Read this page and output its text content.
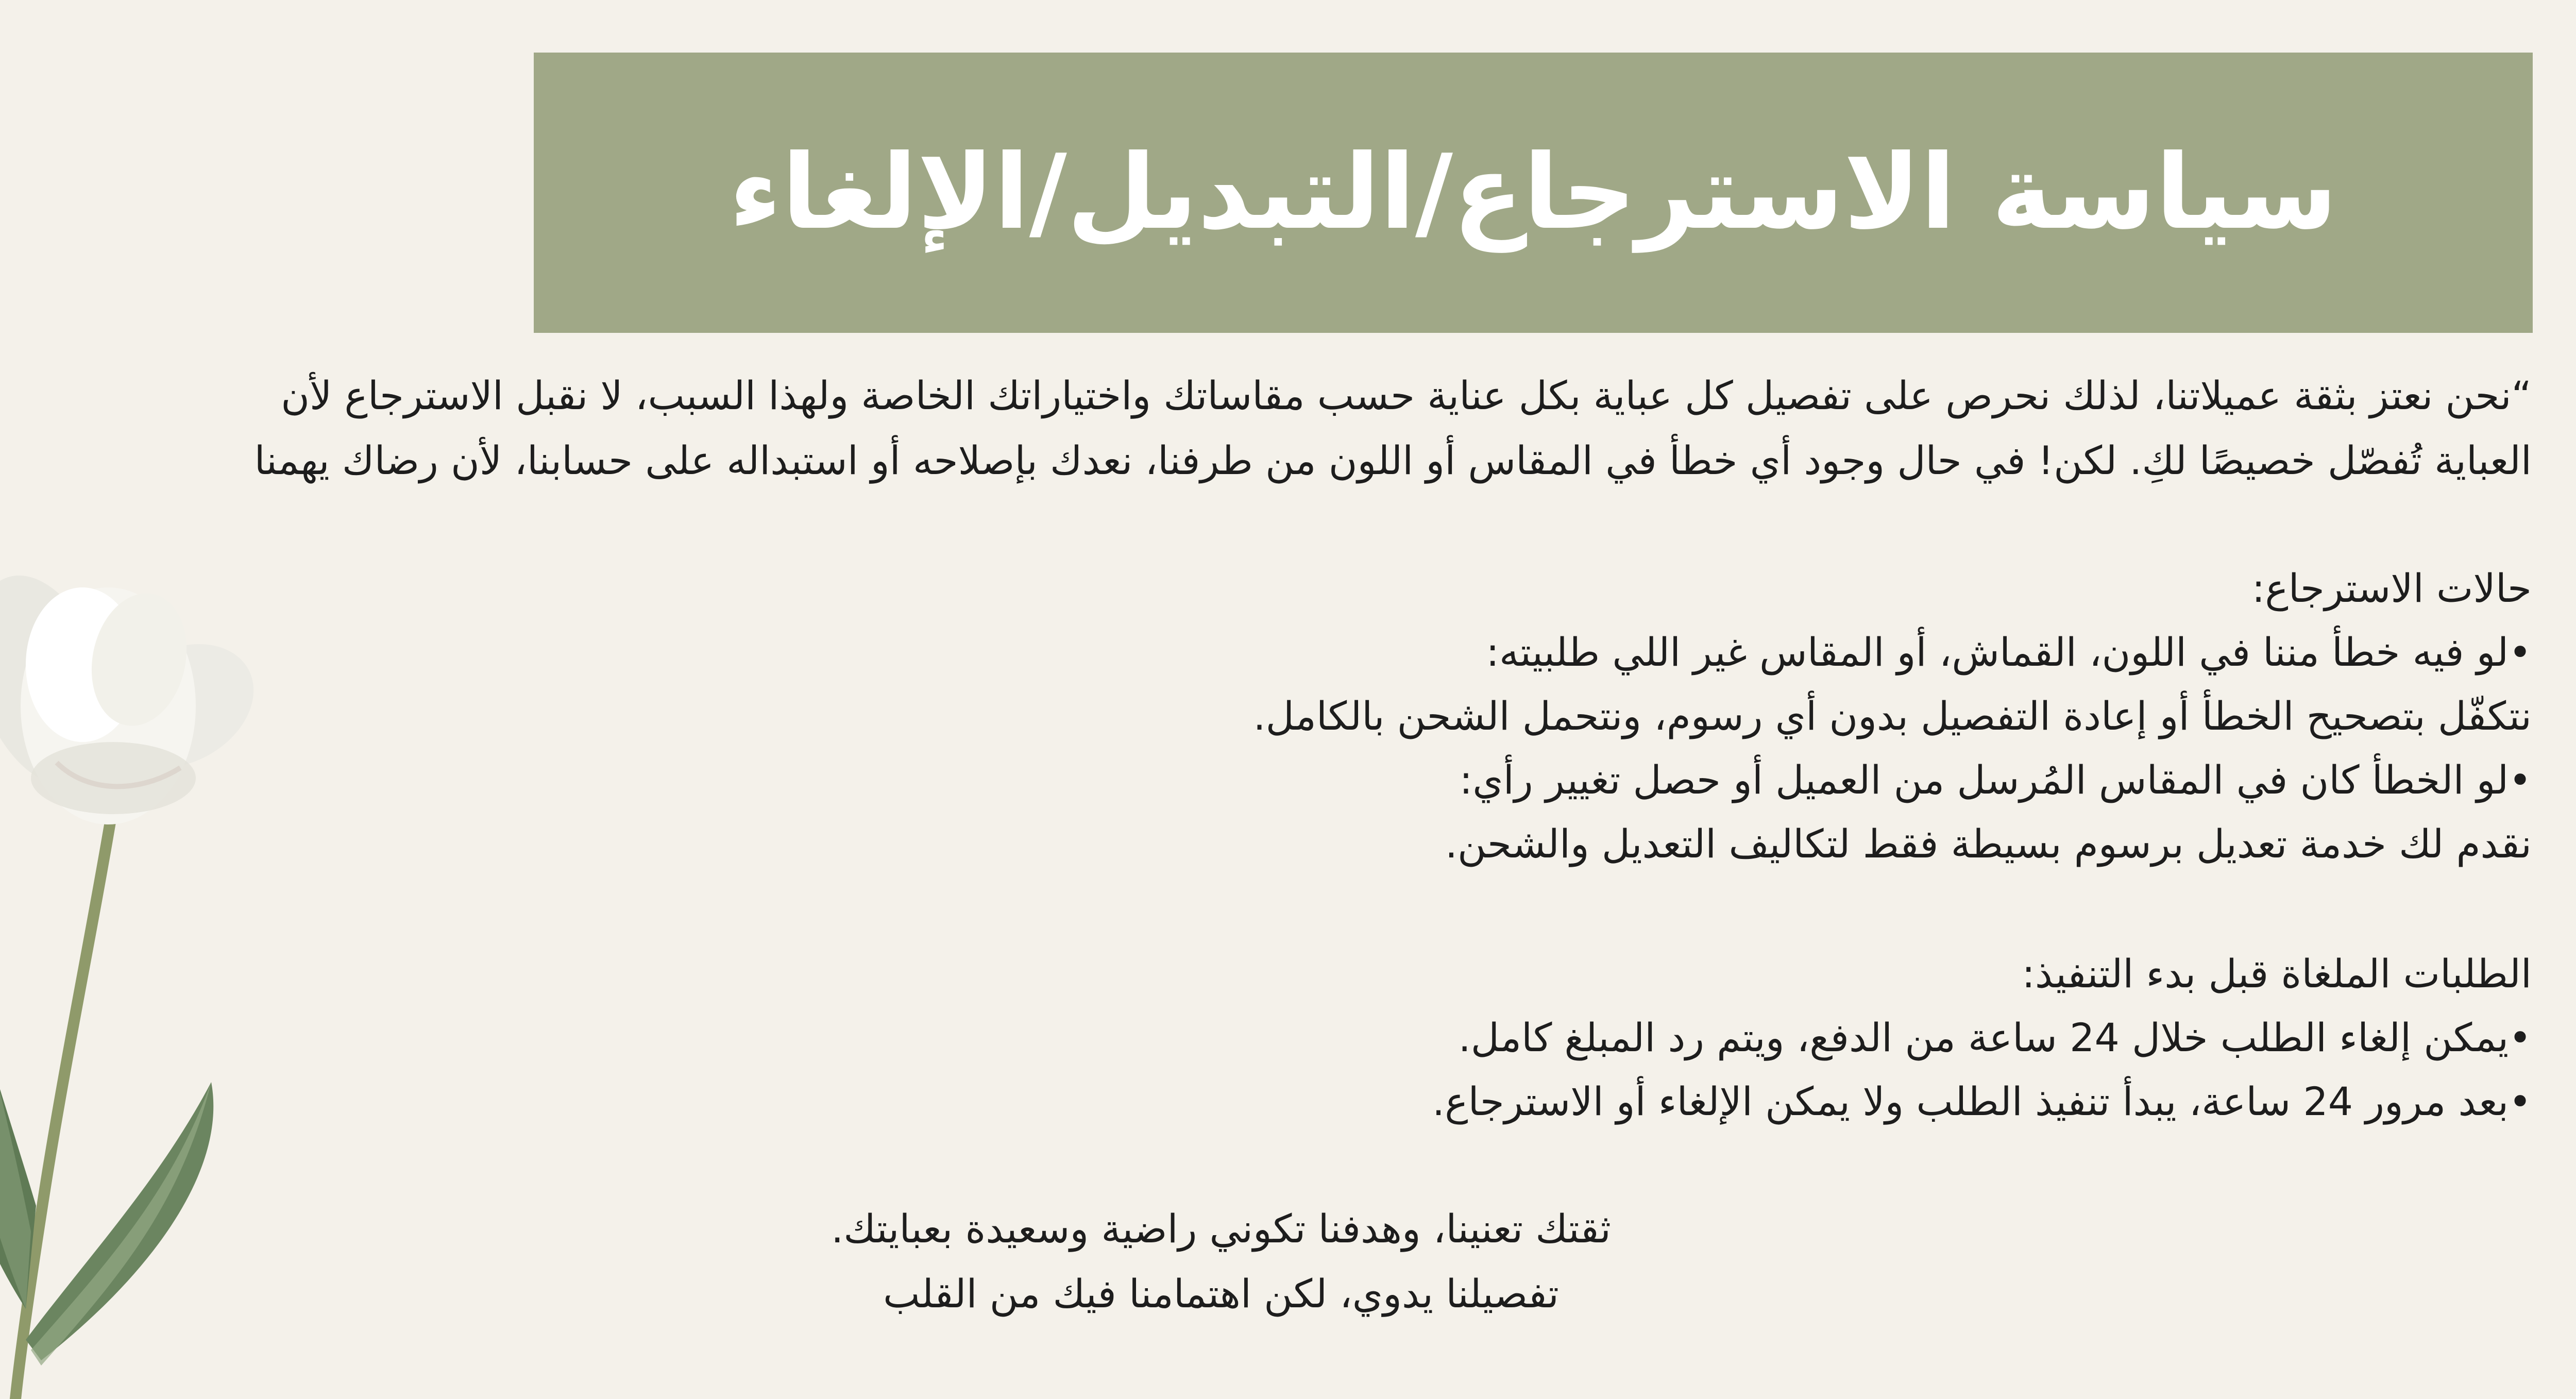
سياسة الاسترجاع/التبديل/الإلغاء

“نحن نعتز بثقة عميلاتنا، لذلك نحرص على تفصيل كل عباية بكل عناية حسب مقاساتك واختياراتك الخاصة ولهذا السبب، لا نقبل الاسترجاع لأن

العباية تُفصّل خصيصًا لكِ. لكن! في حال وجود أي خطأ في المقاس أو اللون من طرفنا، نعدك بإصلاحه أو استبداله على حسابنا، لأن رضاك يهمنا

حالات الاسترجاع:

•لو فيه خطأ مننا في اللون، القماش، أو المقاس غير اللي طلبيته:

نتكفّل بتصحيح الخطأ أو إعادة التفصيل بدون أي رسوم، ونتحمل الشحن بالكامل.

•لو الخطأ كان في المقاس المُرسل من العميل أو حصل تغيير رأي:

نقدم لك خدمة تعديل برسوم بسيطة فقط لتكاليف التعديل والشحن.

الطلبات الملغاة قبل بدء التنفيذ:

•يمكن إلغاء الطلب خلال 24 ساعة من الدفع، ويتم رد المبلغ كامل.

•بعد مرور 24 ساعة، يبدأ تنفيذ الطلب ولا يمكن الإلغاء أو الاسترجاع.

ثقتك تعنينا، وهدفنا تكوني راضية وسعيدة بعبايتك.

تفصيلنا يدوي، لكن اهتمامنا فيك من القلب
